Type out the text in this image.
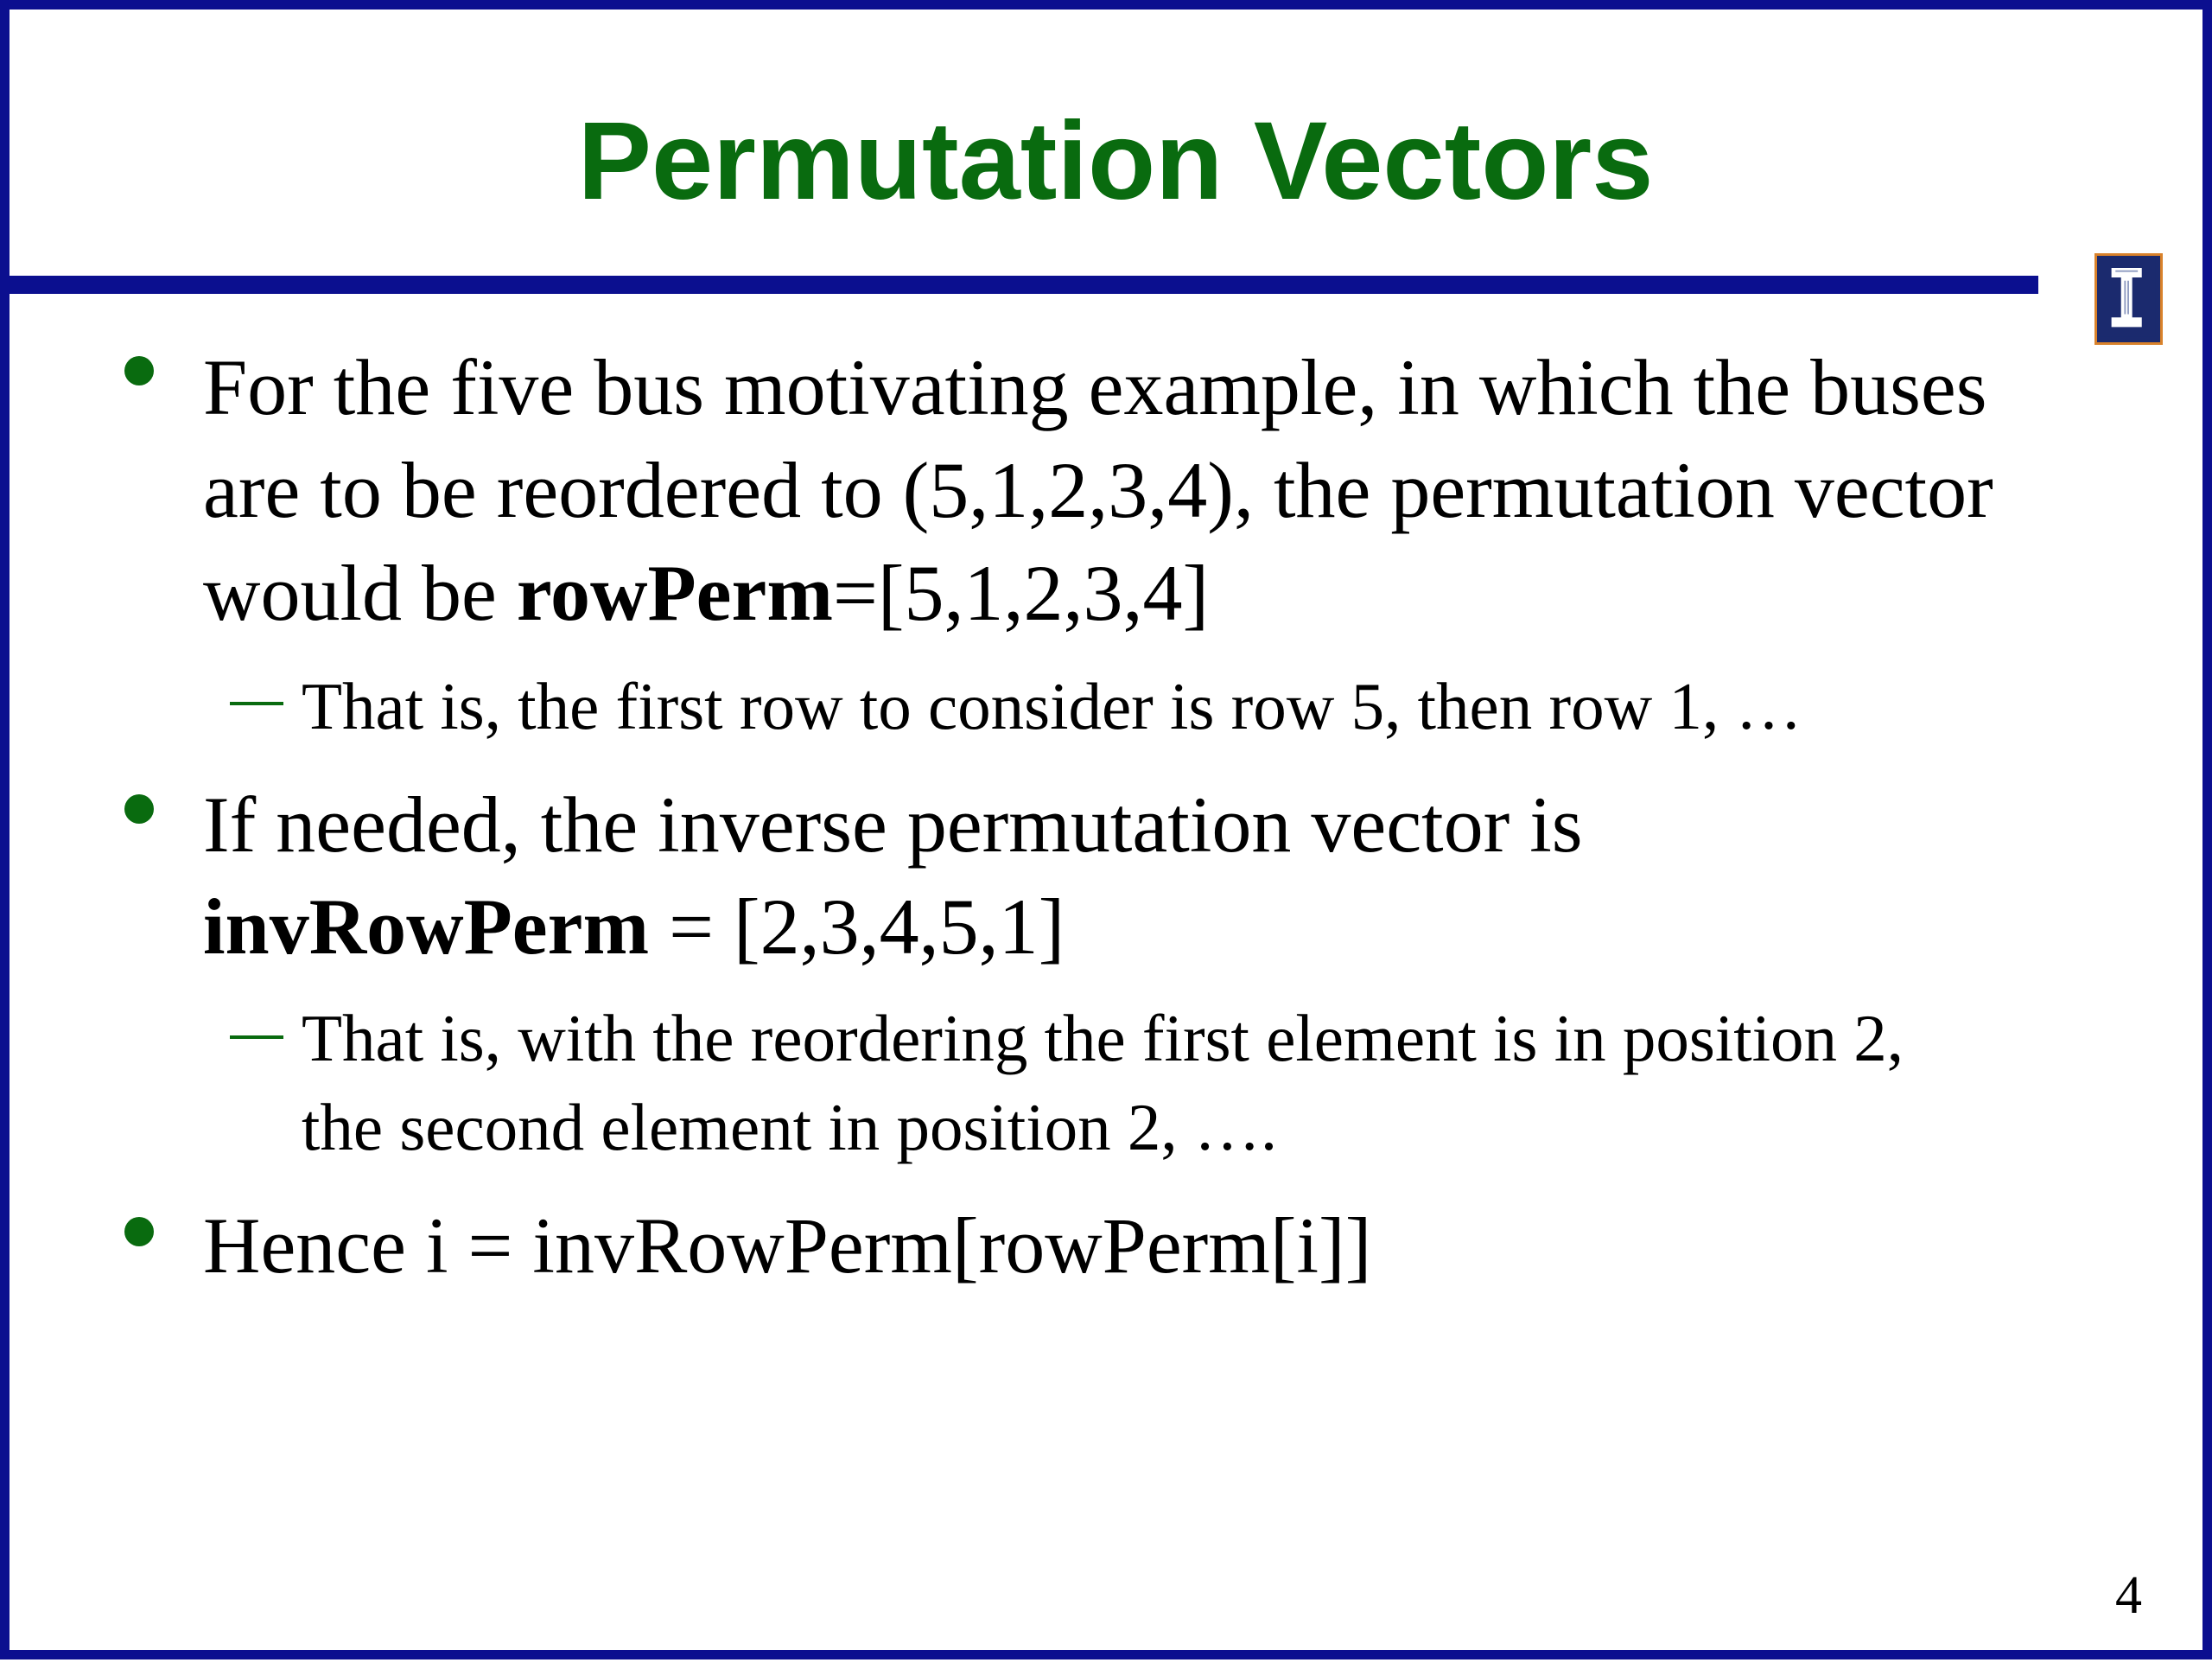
Permutation Vectors
For the five bus motivating example, in which the buses
are to be reordered to (5,1,2,3,4), the permutation vector
would be rowPerm=[5,1,2,3,4]
That is, the first row to consider is row 5, then row 1, …
If needed, the inverse permutation vector is
invRowPerm = [2,3,4,5,1]
That is, with the reordering the first element is in position 2,
the second element in position 2, ….
Hence i = invRowPerm[rowPerm[i]]
4
